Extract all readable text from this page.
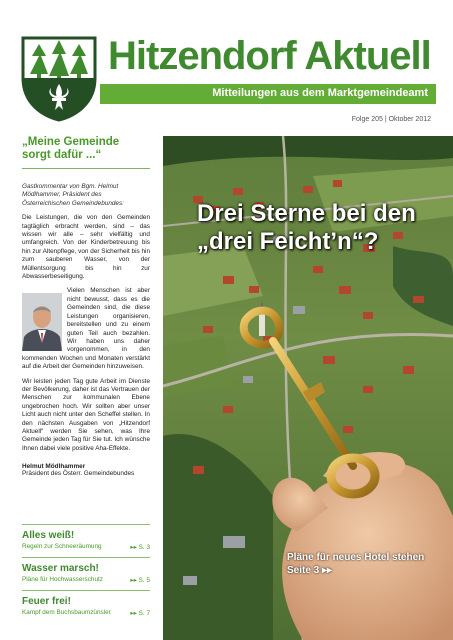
Hitzendorf Aktuell
Mitteilungen aus dem Marktgemeindeamt
Folge 205 | Oktober 2012
„Meine Gemeinde
sorgt dafür ...“
Gastkommentar von Bgm. Helmut Mödlhammer, Präsident des Österreichischen Gemeindebundes:
Die Leistungen, die von den Gemeinden tagtäglich erbracht werden, sind – das wissen wir alle – sehr vielfältig und umfangreich. Von der Kinderbetreuung bis hin zur Altenpflege, von der Sicherheit bis hin zum sauberen Wasser, von der Müllentsorgung bis hin zur Abwasserbeseitigung.
Vielen Menschen ist aber nicht bewusst, dass es die Gemeinden sind, die diese Leistungen organisieren, bereitstellen und zu einem guten Teil auch bezahlen. Wir haben uns daher vorgenommen, in den kommenden Wochen und Monaten verstärkt auf die Arbeit der Gemeinden hinzuweisen.
Wir leisten jeden Tag gute Arbeit im Dienste der Bevölkerung, daher ist das Vertrauen der Menschen zur kommunalen Ebene ungebrochen hoch. Wir sollten aber unser Licht auch nicht unter den Scheffel stellen. In den nächsten Ausgaben von „Hitzendorf Aktuell“ werden Sie sehen, was Ihre Gemeinde jeden Tag für Sie tut. Ich wünsche Ihnen dabei viele positive Aha-Effekte.
Helmut Mödlhammer
Präsident des Österr. Gemeindebundes
Alles weiß!
Regeln zur Schneeräumung	▸▸ S. 3
Wasser marsch!
Pläne für Hochwasserschutz	▸▸ S. 5
Feuer frei!
Kampf dem Buchsbaumzünsler	▸▸ S. 7
Drei Sterne bei den
„drei Feicht’n“?
Pläne für neues Hotel stehen
Seite 3 ▸▸
